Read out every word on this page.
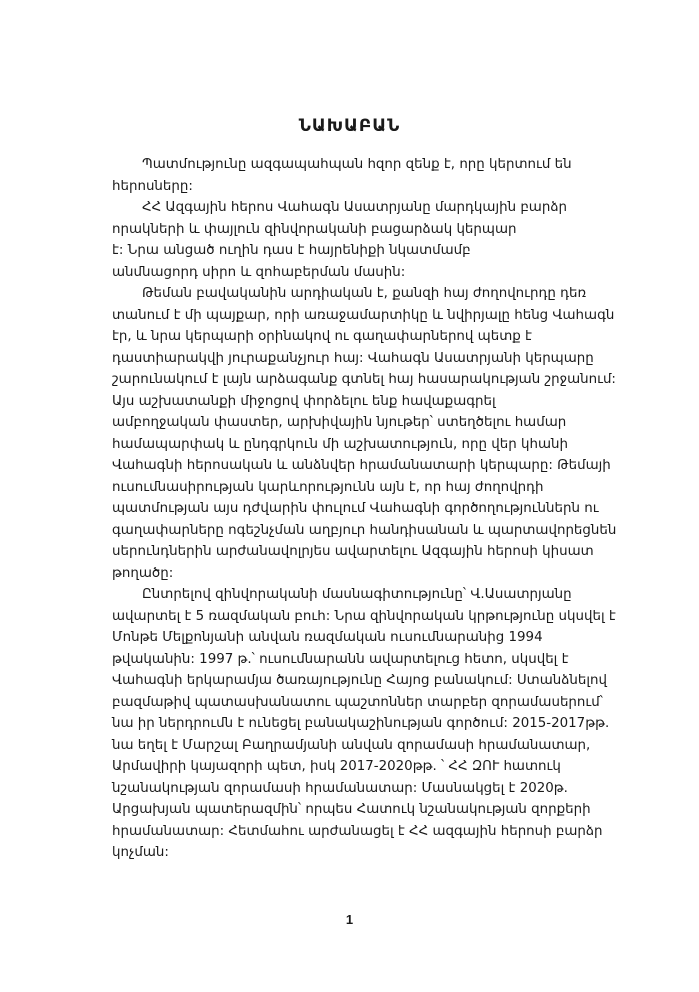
ՆԱԽԱԲԱՆ
Պատմությունը ազգապահպան հզոր զենք է, որը կերտում են
հերոսները:
ՀՀ Ազգային հերոս Վահագն Ասատրյանը մարդկային բարձր
որակների և փայլուն զինվորականի բացարձակ կերպար
է: Նրա անցած ուղին դաս է հայրենիքի նկատմամբ
անմնացորդ սիրո և զոհաբերման մասին:
Թեման բավականին արդիական է, քանզի հայ ժողովուրդը դեռ
տանում է մի պայքար, որի առաջամարտիկը և նվիրյալը հենց Վահագն
էր, և նրա կերպարի օրինակով ու գաղափարներով պետք է
դաստիարակվի յուրաքանչյուր հայ: Վահագն Ասատրյանի կերպարը
շարունակում է լայն արձագանք գտնել հայ հասարակության շրջանում:
Այս աշխատանքի միջոցով փորձելու ենք հավաքագրել
ամբողջական փաստեր, արխիվային նյութեր՝ ստեղծելու համար
համապարփակ և ընդգրկուն մի աշխատություն, որը վեր կհանի
Վահագնի հերոսական և անձնվեր հրամանատարի կերպարը: Թեմայի
ուսումնասիրության կարևորությունն այն է, որ հայ ժողովրդի
պատմության այս դժվարին փուլում Վահագնի գործողություններն ու
գաղափարները ոգեշնչման աղբյուր հանդիսանան և պարտավորեցնեն
սերունդներին արժանավոլրյես ավարտելու Ազգային հերոսի կիսատ
թողածը:
Ընտրելով զինվորականի մասնագիտությունը՝ Վ.Ասատրյանը
ավարտել է 5 ռազմական բուհ: Նրա զինվորական կրթությունը սկսվել է
Մոնթե Մելքոնյանի անվան ռազմական ուսումնարանից 1994
թվականին: 1997 թ.՝ ուսումնարանն ավարտելուց հետո, սկսվել է
Վահագնի երկարամյա ծառայությունը Հայոց բանակում: Ստանձնելով
բազմաթիվ պատասխանատու պաշտոններ տարբեր զորամասերում՝
նա իր ներդրումն է ունեցել բանակաշինության գործում: 2015-2017թթ.
նա եղել է Մարշալ Բաղրամյանի անվան զորամասի հրամանատար,
Արմավիրի կայազորի պետ, իսկ 2017-2020թթ. ՝ ՀՀ ԶՈՒ հատուկ
նշանակության զորամասի հրամանատար: Մասնակցել է 2020թ.
Արցախյան պատերազմին՝ որպես Հատուկ նշանակության զորքերի
հրամանատար: Հետմահու արժանացել է ՀՀ ազգային հերոսի բարձր
կոչման:
1
